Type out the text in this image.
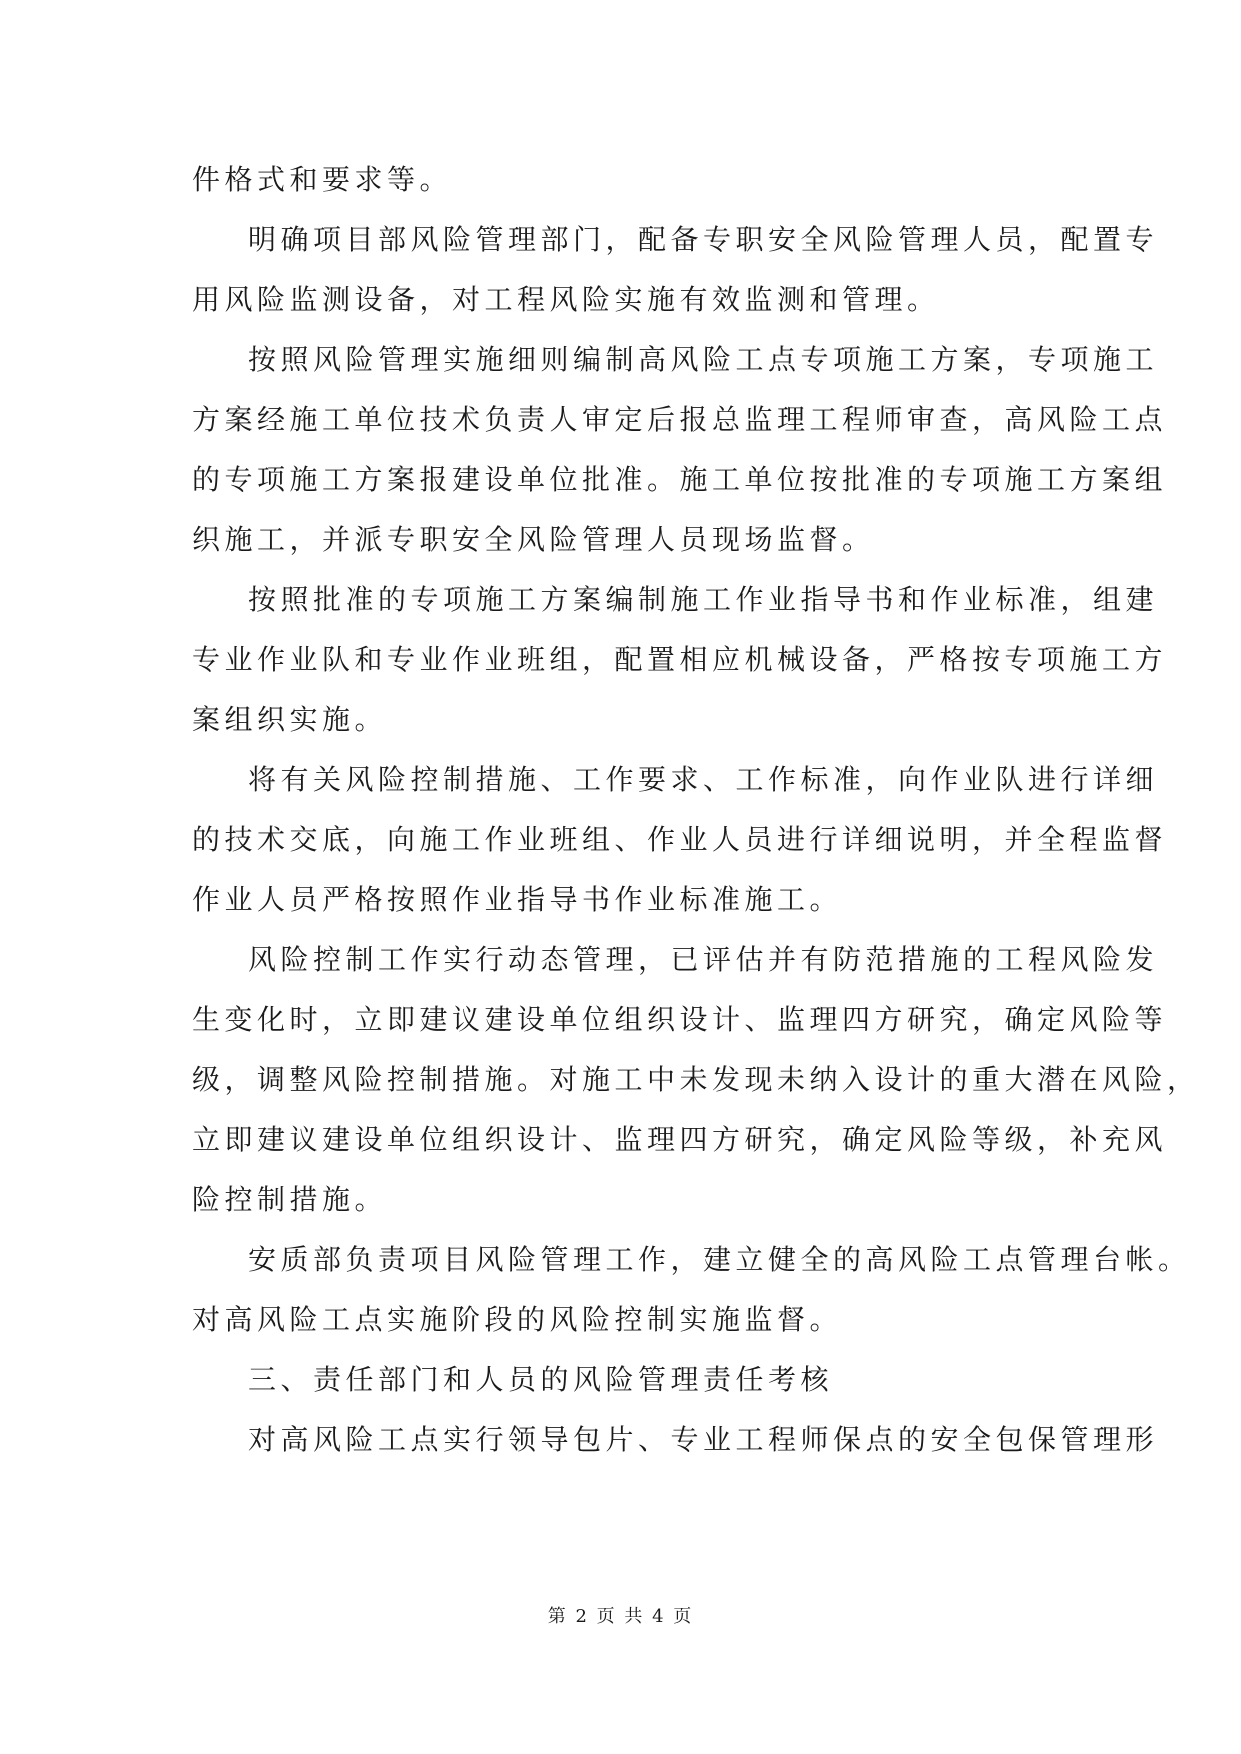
件格式和要求等。
明确项目部风险管理部门，配备专职安全风险管理人员，配置专
用风险监测设备，对工程风险实施有效监测和管理。
按照风险管理实施细则编制高风险工点专项施工方案，专项施工
方案经施工单位技术负责人审定后报总监理工程师审查，高风险工点
的专项施工方案报建设单位批准。施工单位按批准的专项施工方案组
织施工，并派专职安全风险管理人员现场监督。
按照批准的专项施工方案编制施工作业指导书和作业标准，组建
专业作业队和专业作业班组，配置相应机械设备，严格按专项施工方
案组织实施。
将有关风险控制措施、工作要求、工作标准，向作业队进行详细
的技术交底，向施工作业班组、作业人员进行详细说明，并全程监督
作业人员严格按照作业指导书作业标准施工。
风险控制工作实行动态管理，已评估并有防范措施的工程风险发
生变化时，立即建议建设单位组织设计、监理四方研究，确定风险等
级，调整风险控制措施。对施工中未发现未纳入设计的重大潜在风险，
立即建议建设单位组织设计、监理四方研究，确定风险等级，补充风
险控制措施。
安质部负责项目风险管理工作，建立健全的高风险工点管理台帐。
对高风险工点实施阶段的风险控制实施监督。
三、责任部门和人员的风险管理责任考核
对高风险工点实行领导包片、专业工程师保点的安全包保管理形
第 2 页 共 4 页
